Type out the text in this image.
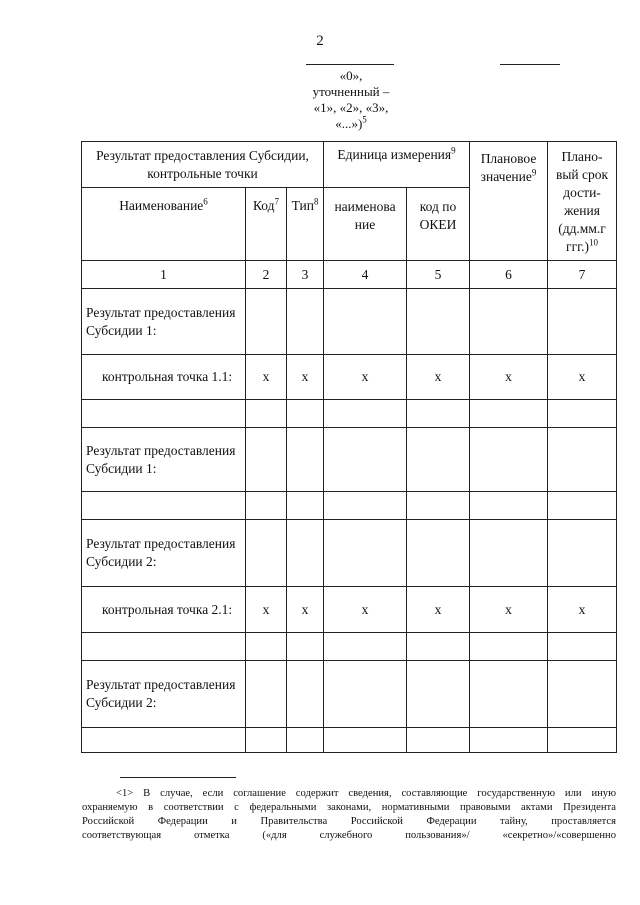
2
«0»,
уточненный –
«1», «2», «3»,
«...»)$^5$
Результат предоставления Субсидии, контрольные точки			Единица измерения$^9$		Плановое значение$^9$	Плано-вый срок дости-жения (дд.мм.г ггг.)$^{10}$
Наименование$^6$	Код$^7$	Тип$^8$	наименова ние	код по ОКЕИ		
1	2	3	4	5	6	7
Результат предоставления Субсидии 1:						
контрольная точка 1.1:	x	x	x	x	x	x

Результат предоставления Субсидии 1:						

Результат предоставления Субсидии 2:						
контрольная точка 2.1:	x	x	x	x	x	x

Результат предоставления Субсидии 2:						

<1> В случае, если соглашение содержит сведения, составляющие государственную или иную
охраняемую в соответствии с федеральными законами, нормативными правовыми актами Президента
Российской Федерации и Правительства Российской Федерации тайну, проставляется
соответствующая отметка («для служебного пользования»/ «секретно»/«совершенно
